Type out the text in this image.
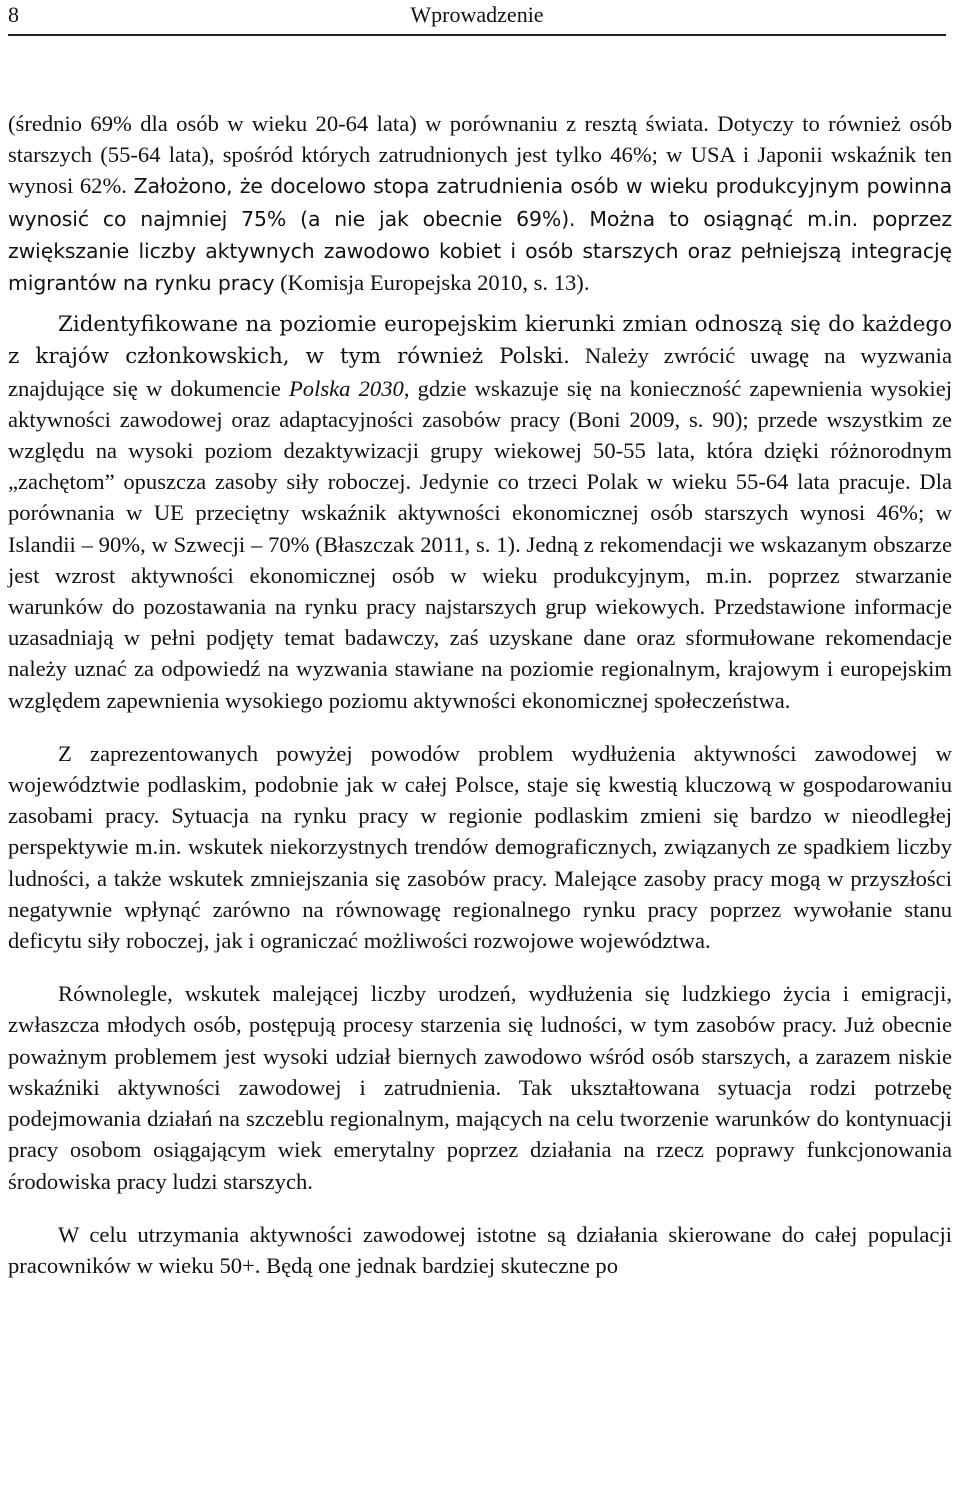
8	Wprowadzenie

(średnio 69% dla osób w wieku 20-64 lata) w porównaniu z resztą świata. Dotyczy to również osób starszych (55-64 lata), spośród których zatrudnionych jest tylko 46%; w USA i Japonii wskaźnik ten wynosi 62%. Założono, że docelowo stopa zatrudnienia osób w wieku produkcyjnym powinna wynosić co najmniej 75% (a nie jak obecnie 69%). Można to osiągnąć m.in. poprzez zwiększanie liczby aktywnych zawodowo kobiet i osób starszych oraz pełniejszą integrację migrantów na rynku pracy (Komisja Europejska 2010, s. 13).

Zidentyfikowane na poziomie europejskim kierunki zmian odnoszą się do każdego z krajów członkowskich, w tym również Polski. Należy zwrócić uwagę na wyzwania znajdujące się w dokumencie Polska 2030, gdzie wskazuje się na konieczność zapewnienia wysokiej aktywności zawodowej oraz adaptacyjności zasobów pracy (Boni 2009, s. 90); przede wszystkim ze względu na wysoki poziom dezaktywizacji grupy wiekowej 50-55 lata, która dzięki różnorodnym „zachętom” opuszcza zasoby siły roboczej. Jedynie co trzeci Polak w wieku 55-64 lata pracuje. Dla porównania w UE przeciętny wskaźnik aktywności ekonomicznej osób starszych wynosi 46%; w Islandii – 90%, w Szwecji – 70% (Błaszczak 2011, s. 1). Jedną z rekomendacji we wskazanym obszarze jest wzrost aktywności ekonomicznej osób w wieku produkcyjnym, m.in. poprzez stwarzanie warunków do pozostawania na rynku pracy najstarszych grup wiekowych. Przedstawione informacje uzasadniają w pełni podjęty temat badawczy, zaś uzyskane dane oraz sformułowane rekomendacje należy uznać za odpowiedź na wyzwania stawiane na poziomie regionalnym, krajowym i europejskim względem zapewnienia wysokiego poziomu aktywności ekonomicznej społeczeństwa.

Z zaprezentowanych powyżej powodów problem wydłużenia aktywności zawodowej w województwie podlaskim, podobnie jak w całej Polsce, staje się kwestią kluczową w gospodarowaniu zasobami pracy. Sytuacja na rynku pracy w regionie podlaskim zmieni się bardzo w nieodległej perspektywie m.in. wskutek niekorzystnych trendów demograficznych, związanych ze spadkiem liczby ludności, a także wskutek zmniejszania się zasobów pracy. Malejące zasoby pracy mogą w przyszłości negatywnie wpłynąć zarówno na równowagę regionalnego rynku pracy poprzez wywołanie stanu deficytu siły roboczej, jak i ograniczać możliwości rozwojowe województwa.

Równolegle, wskutek malejącej liczby urodzeń, wydłużenia się ludzkiego życia i emigracji, zwłaszcza młodych osób, postępują procesy starzenia się ludności, w tym zasobów pracy. Już obecnie poważnym problemem jest wysoki udział biernych zawodowo wśród osób starszych, a zarazem niskie wskaźniki aktywności zawodowej i zatrudnienia. Tak ukształtowana sytuacja rodzi potrzebę podejmowania działań na szczeblu regionalnym, mających na celu tworzenie warunków do kontynuacji pracy osobom osiągającym wiek emerytalny poprzez działania na rzecz poprawy funkcjonowania środowiska pracy ludzi starszych.

W celu utrzymania aktywności zawodowej istotne są działania skierowane do całej populacji pracowników w wieku 50+. Będą one jednak bardziej skuteczne po
